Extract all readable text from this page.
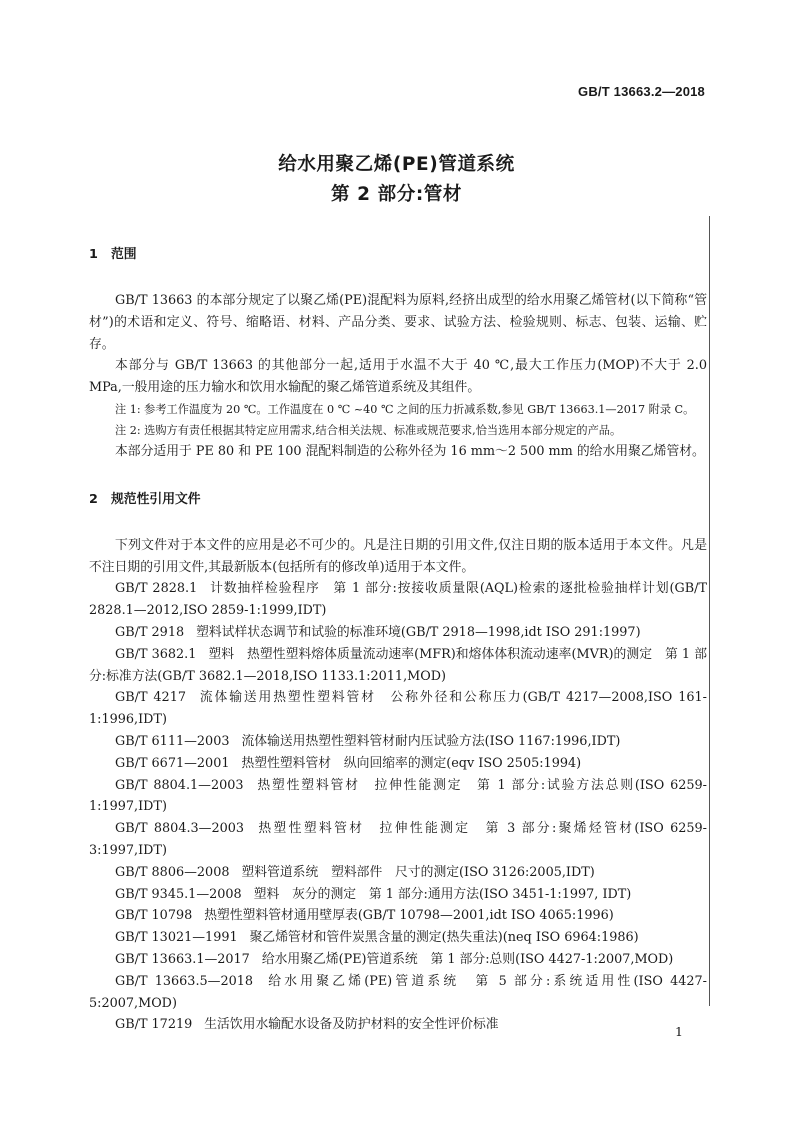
GB/T 13663.2—2018
给水用聚乙烯(PE)管道系统
第 2 部分:管材
1 范围

GB/T 13663 的本部分规定了以聚乙烯(PE)混配料为原料,经挤出成型的给水用聚乙烯管材(以下简称“管材”)的术语和定义、符号、缩略语、材料、产品分类、要求、试验方法、检验规则、标志、包装、运输、贮存。

本部分与 GB/T 13663 的其他部分一起,适用于水温不大于 40 ℃,最大工作压力(MOP)不大于 2.0 MPa,一般用途的压力输水和饮用水输配的聚乙烯管道系统及其组件。

注 1: 参考工作温度为 20 ℃。工作温度在 0 ℃ ~40 ℃ 之间的压力折减系数,参见 GB/T 13663.1—2017 附录 C。
注 2: 选购方有责任根据其特定应用需求,结合相关法规、标准或规范要求,恰当选用本部分规定的产品。

本部分适用于 PE 80 和 PE 100 混配料制造的公称外径为 16 mm～2 500 mm 的给水用聚乙烯管材。

2 规范性引用文件

下列文件对于本文件的应用是必不可少的。凡是注日期的引用文件,仅注日期的版本适用于本文件。凡是不注日期的引用文件,其最新版本(包括所有的修改单)适用于本文件。

GB/T 2828.1 计数抽样检验程序　第 1 部分:按接收质量限(AQL)检索的逐批检验抽样计划(GB/T 2828.1—2012,ISO 2859-1:1999,IDT)
GB/T 2918 塑料试样状态调节和试验的标准环境(GB/T 2918—1998,idt ISO 291:1997)
GB/T 3682.1 塑料　热塑性塑料熔体质量流动速率(MFR)和熔体体积流动速率(MVR)的测定　第 1 部分:标准方法(GB/T 3682.1—2018,ISO 1133.1:2011,MOD)
GB/T 4217 流体输送用热塑性塑料管材　公称外径和公称压力(GB/T 4217—2008,ISO 161-1:1996,IDT)
GB/T 6111—2003 流体输送用热塑性塑料管材耐内压试验方法(ISO 1167:1996,IDT)
GB/T 6671—2001 热塑性塑料管材　纵向回缩率的测定(eqv ISO 2505:1994)
GB/T 8804.1—2003 热塑性塑料管材　拉伸性能测定　第 1 部分:试验方法总则(ISO 6259-1:1997,IDT)
GB/T 8804.3—2003 热塑性塑料管材　拉伸性能测定　第 3 部分:聚烯烃管材(ISO 6259-3:1997,IDT)
GB/T 8806—2008 塑料管道系统　塑料部件　尺寸的测定(ISO 3126:2005,IDT)
GB/T 9345.1—2008 塑料　灰分的测定　第 1 部分:通用方法(ISO 3451-1:1997, IDT)
GB/T 10798 热塑性塑料管材通用壁厚表(GB/T 10798—2001,idt ISO 4065:1996)
GB/T 13021—1991 聚乙烯管材和管件炭黑含量的测定(热失重法)(neq ISO 6964:1986)
GB/T 13663.1—2017 给水用聚乙烯(PE)管道系统　第 1 部分:总则(ISO 4427-1:2007,MOD)
GB/T 13663.5—2018 给水用聚乙烯(PE)管道系统　第 5 部分:系统适用性(ISO 4427-5:2007,MOD)
GB/T 17219 生活饮用水输配水设备及防护材料的安全性评价标准	1
